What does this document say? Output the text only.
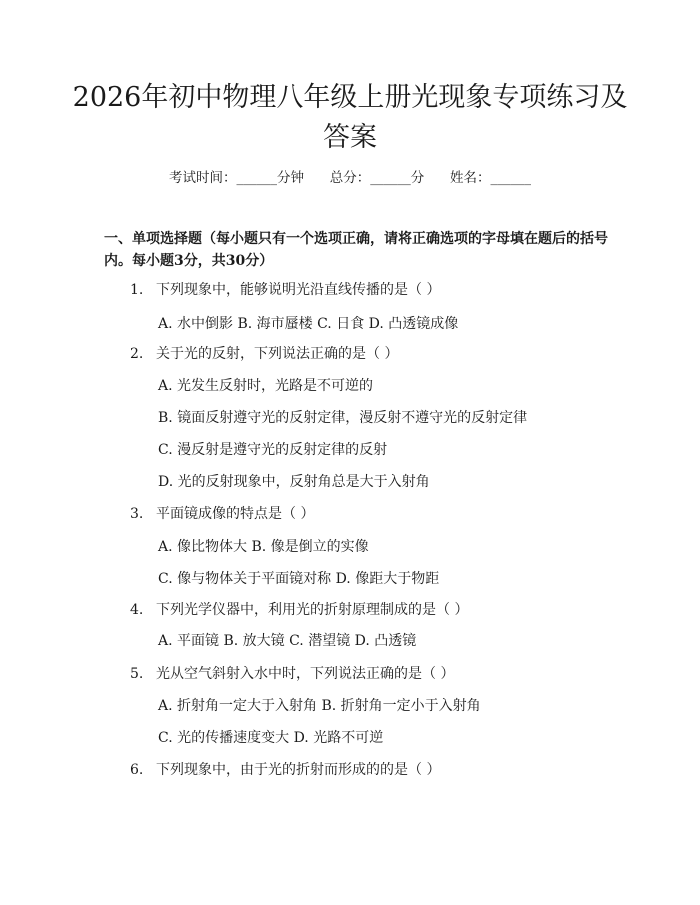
2026年初中物理八年级上册光现象专项练习及答案
考试时间：______分钟 总分：______分 姓名：______
一、单项选择题（每小题只有一个选项正确，请将正确选项的字母填在题后的括号内。每小题3分，共30分）
1. 下列现象中，能够说明光沿直线传播的是（ ）
A. 水中倒影 B. 海市蜃楼 C. 日食 D. 凸透镜成像
2. 关于光的反射，下列说法正确的是（ ）
A. 光发生反射时，光路是不可逆的
B. 镜面反射遵守光的反射定律，漫反射不遵守光的反射定律
C. 漫反射是遵守光的反射定律的反射
D. 光的反射现象中，反射角总是大于入射角
3. 平面镜成像的特点是（ ）
A. 像比物体大 B. 像是倒立的实像
C. 像与物体关于平面镜对称 D. 像距大于物距
4. 下列光学仪器中，利用光的折射原理制成的是（ ）
A. 平面镜 B. 放大镜 C. 潜望镜 D. 凸透镜
5. 光从空气斜射入水中时，下列说法正确的是（ ）
A. 折射角一定大于入射角 B. 折射角一定小于入射角
C. 光的传播速度变大 D. 光路不可逆
6. 下列现象中，由于光的折射而形成的的是（ ）
